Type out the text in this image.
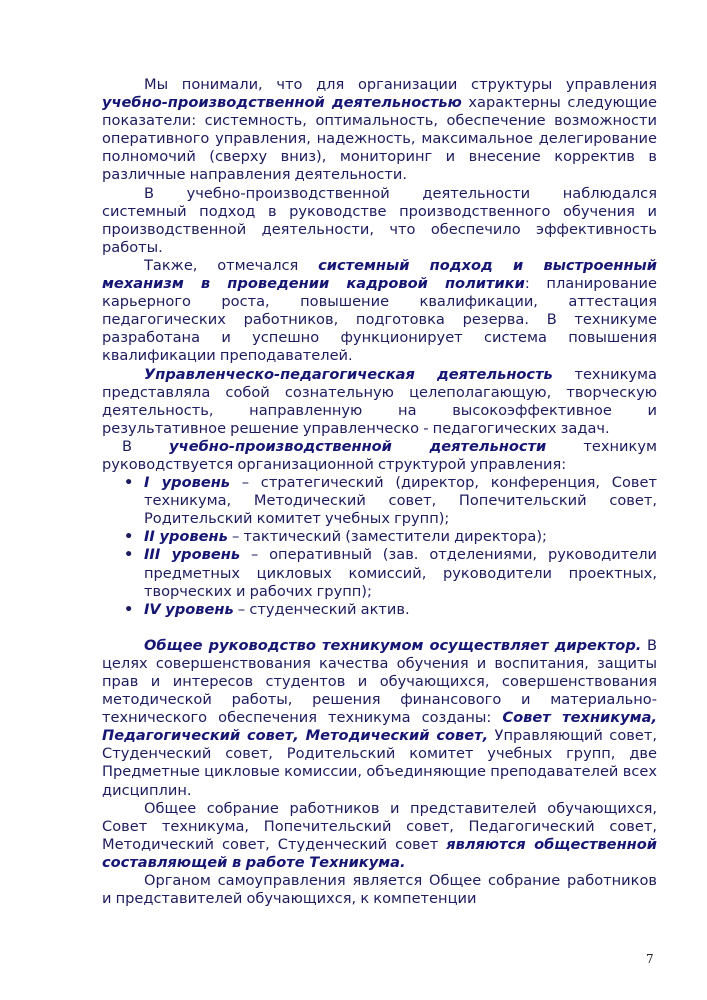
Мы понимали, что для организации структуры управления учебно-производственной деятельностью характерны следующие показатели: системность, оптимальность, обеспечение возможности оперативного управления, надежность, максимальное делегирование полномочий (сверху вниз), мониторинг и внесение корректив в различные направления деятельности.

В учебно-производственной деятельности наблюдался системный подход в руководстве производственного обучения и производственной деятельности, что обеспечило эффективность работы.

Также, отмечался системный подход и выстроенный механизм в проведении кадровой политики: планирование карьерного роста, повышение квалификации, аттестация педагогических работников, подготовка резерва. В техникуме разработана и успешно функционирует система повышения квалификации преподавателей.

Управленческо-педагогическая деятельность техникума представляла собой сознательную целеполагающую, творческую деятельность, направленную на высокоэффективное и результативное решение управленческо - педагогических задач.

В учебно-производственной деятельности техникум руководствуется организационной структурой управления:

• I уровень – стратегический (директор, конференция, Совет техникума, Методический совет, Попечительский совет, Родительский комитет учебных групп);
• II уровень – тактический (заместители директора);
• III уровень – оперативный (зав. отделениями, руководители предметных цикловых комиссий, руководители проектных, творческих и рабочих групп);
• IV уровень – студенческий актив.

Общее руководство техникумом осуществляет директор. В целях совершенствования качества обучения и воспитания, защиты прав и интересов студентов и обучающихся, совершенствования методической работы, решения финансового и материально-технического обеспечения техникума созданы: Совет техникума, Педагогический совет, Методический совет, Управляющий совет, Студенческий совет, Родительский комитет учебных групп, две Предметные цикловые комиссии, объединяющие преподавателей всех дисциплин.

Общее собрание работников и представителей обучающихся, Совет техникума, Попечительский совет, Педагогический совет, Методический совет, Студенческий совет являются общественной составляющей в работе Техникума.

Органом самоуправления является Общее собрание работников и представителей обучающихся, к компетенции

7
